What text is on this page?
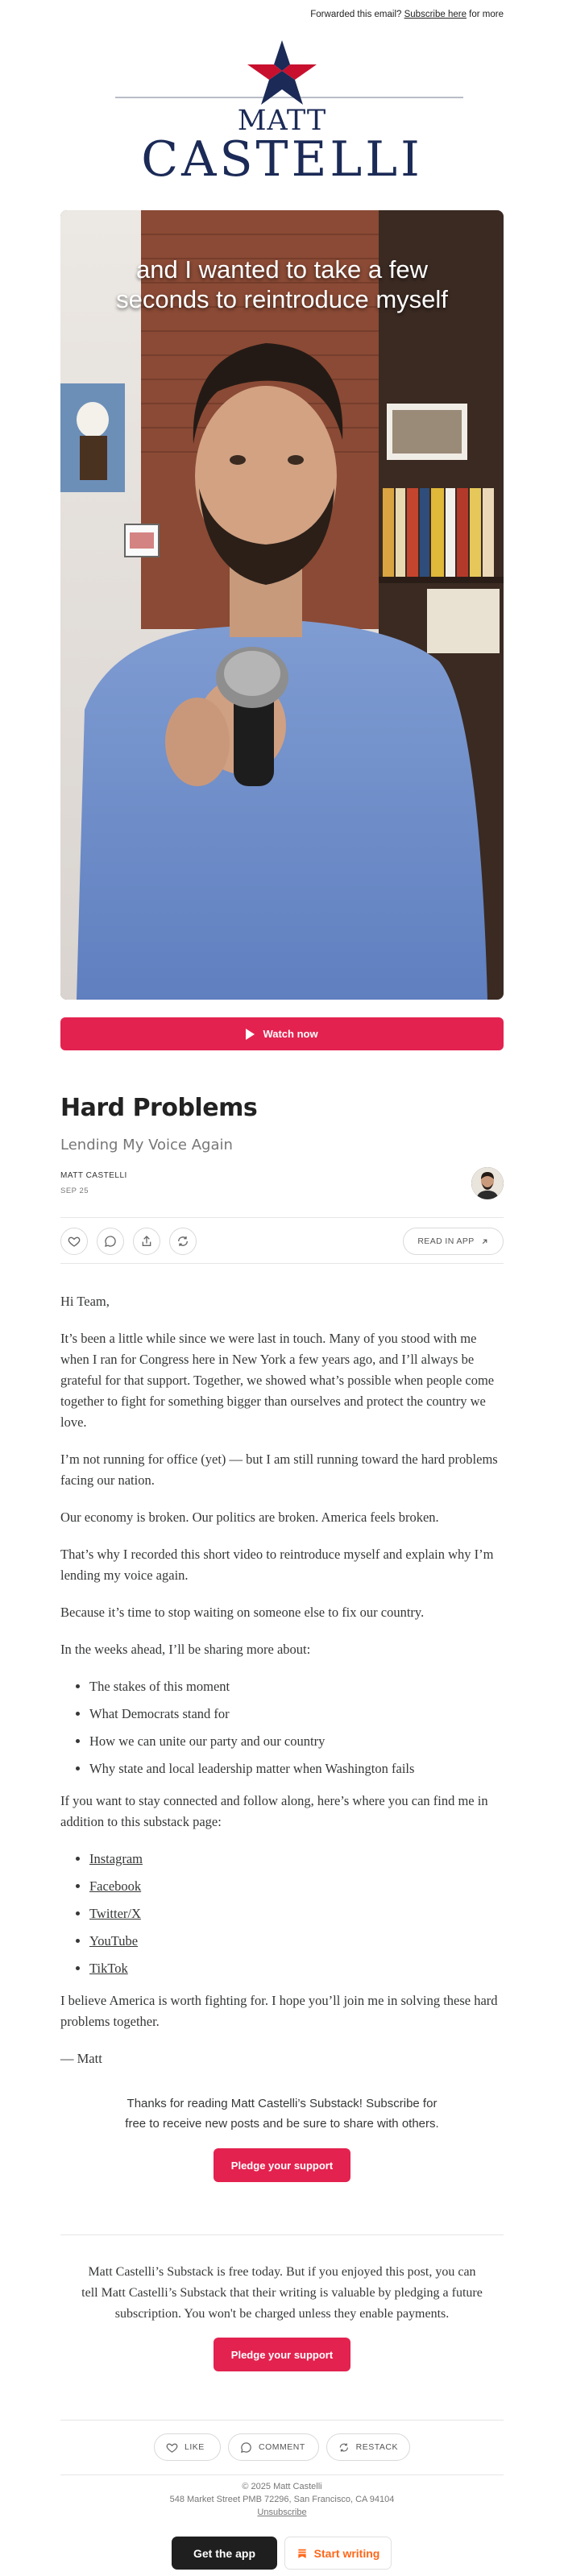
Forwarded this email? Subscribe here for more
MATT
CASTELLI
and I wanted to take a few seconds to reintroduce myself
Watch now
Hard Problems
Lending My Voice Again
MATT CASTELLI
SEP 25
READ IN APP

Hi Team,

It’s been a little while since we were last in touch. Many of you stood with me when I ran for Congress here in New York a few years ago, and I’ll always be grateful for that support. Together, we showed what’s possible when people come together to fight for something bigger than ourselves and protect the country we love.

I’m not running for office (yet) — but I am still running toward the hard problems facing our nation.

Our economy is broken. Our politics are broken. America feels broken.

That’s why I recorded this short video to reintroduce myself and explain why I’m lending my voice again.

Because it’s time to stop waiting on someone else to fix our country.

In the weeks ahead, I’ll be sharing more about:

• The stakes of this moment
• What Democrats stand for
• How we can unite our party and our country
• Why state and local leadership matter when Washington fails

If you want to stay connected and follow along, here’s where you can find me in addition to this substack page:

• Instagram
• Facebook
• Twitter/X
• YouTube
• TikTok

I believe America is worth fighting for. I hope you’ll join me in solving these hard problems together.

— Matt

Thanks for reading Matt Castelli’s Substack! Subscribe for free to receive new posts and be sure to share with others.
Pledge your support
Matt Castelli’s Substack is free today. But if you enjoyed this post, you can tell Matt Castelli’s Substack that their writing is valuable by pledging a future subscription. You won't be charged unless they enable payments.
Pledge your support
LIKE	COMMENT	RESTACK
© 2025 Matt Castelli
548 Market Street PMB 72296, San Francisco, CA 94104
Unsubscribe
Get the app	Start writing
